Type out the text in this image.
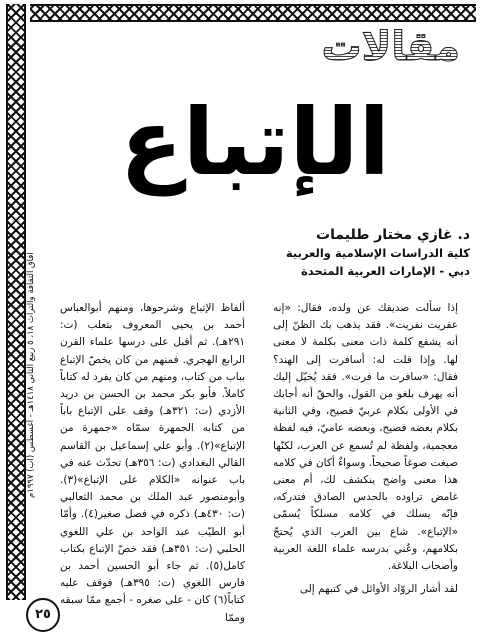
آفاق الثقافة والتراث ١٨، ٥ ربيع الثاني ١٤١٨هـ - أغسطس (آب) ١٩٩٧م
مقالات
الإتباع
د. غازي مختار طليمات
كلية الدراسات الإسلامية والعربية
دبي - الإمارات العربية المتحدة

إذا سألت صديقك عن ولده، فقال: «إنه عفريت نفريت». فقد يذهب بك الظنّ إلى أنه يشفع كلمة ذات معنى بكلمة لا معنى لها. وإذا قلت له: أسافرت إلى الهند؟ فقال: «سافرت ما فرت». فقد يُخيّل إليك أنه يهرف بلغو من القول، والحقّ أنه أجابك في الأولى بكلام عربيّ فصيح، وفي الثانية بكلام بعضه فصيح، وبعضه عاميّ، فيه لفظة معجمية، ولفظة لم تُسمع عن العرب، لكنّها صيغت صوغاً صحيحاً. وسواءٌ أكان في كلامه هذا معنى واضح ينكشف لك، أم معنى غامض تراوده بالحدس الصادق فتدركه، فإنّه يسلك في كلامه مسلكاً يُسمّى «الإتباع». شاع بين العرب الذي يُحتجّ بكلامهم، وعُني بدرسه علماء اللغة العربية وأصحاب البلاغة.

لقد أشار الروّاد الأوائل في كتبهم إلى

ألفاظ الإتباع وشرحوها، ومنهم أبوالعباس أحمد بن يحيى المعروف بثعلب (ت: ٢٩١هـ). ثم أقبل على درسها علماء القرن الرابع الهجري. فمنهم من كان يخصّ الإتباع بباب من كتاب، ومنهم من كان يفرد له كتاباً كاملاً. فأبو بكر محمد بن الحسن بن دريد الأزدي (ت: ٣٢١هـ) وقف على الإتباع باباً من كتابه الجمهرة سمّاه «جمهرة من الإتباع»(٢). وأبو علي إسماعيل بن القاسم القالي البغدادي (ت: ٣٥٦هـ) تحدّث عنه في باب عنوانه «الكلام على الإتباع»(٣). وأبومنصور عبد الملك بن محمد الثعالبي (ت: ٤٣٠هـ) ذكره في فصل صغير(٤). وأمّا أبو الطيّب عبد الواحد بن علي اللغوي الحلبي (ت: ٣٥١هـ) فقد خصّ الإتباع بكتاب كامل(٥). ثم جاء أبو الحسين أحمد بن فارس اللغوي (ت: ٣٩٥هـ) فوقف عليه كتاباً(٦) كان - على صغره - أجمع ممّا سبقه وممّا

٢٥
